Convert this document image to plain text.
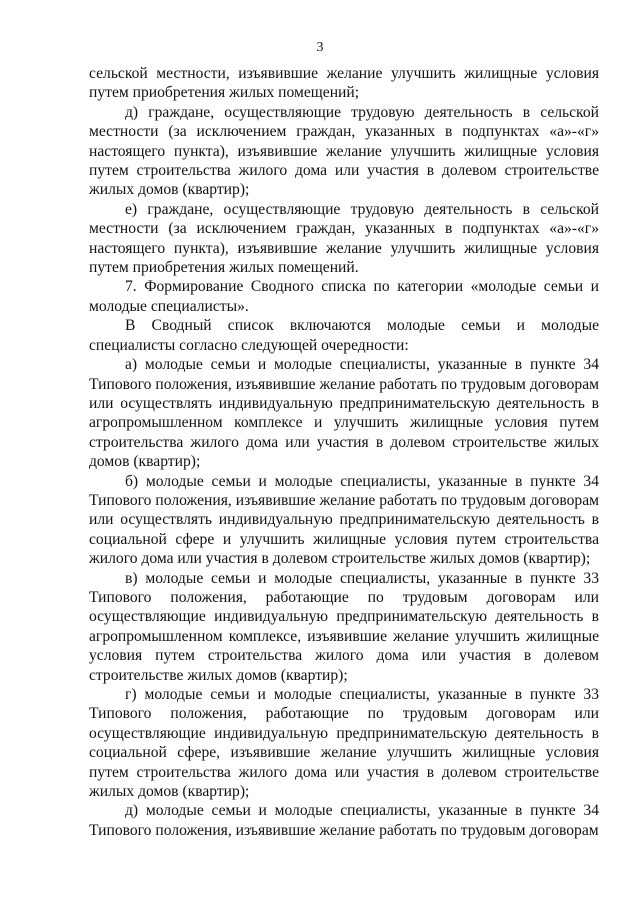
3

сельской местности, изъявившие желание улучшить жилищные условия путем приобретения жилых помещений;

д) граждане, осуществляющие трудовую деятельность в сельской местности (за исключением граждан, указанных в подпунктах «а»-«г» настоящего пункта), изъявившие желание улучшить жилищные условия путем строительства жилого дома или участия в долевом строительстве жилых домов (квартир);

е) граждане, осуществляющие трудовую деятельность в сельской местности (за исключением граждан, указанных в подпунктах «а»-«г» настоящего пункта), изъявившие желание улучшить жилищные условия путем приобретения жилых помещений.

7. Формирование Сводного списка по категории «молодые семьи и молодые специалисты».

В Сводный список включаются молодые семьи и молодые специалисты согласно следующей очередности:

а) молодые семьи и молодые специалисты, указанные в пункте 34 Типового положения, изъявившие желание работать по трудовым договорам или осуществлять индивидуальную предпринимательскую деятельность в агропромышленном комплексе и улучшить жилищные условия путем строительства жилого дома или участия в долевом строительстве жилых домов (квартир);

б) молодые семьи и молодые специалисты, указанные в пункте 34 Типового положения, изъявившие желание работать по трудовым договорам или осуществлять индивидуальную предпринимательскую деятельность в социальной сфере и улучшить жилищные условия путем строительства жилого дома или участия в долевом строительстве жилых домов (квартир);

в) молодые семьи и молодые специалисты, указанные в пункте 33 Типового положения, работающие по трудовым договорам или осуществляющие индивидуальную предпринимательскую деятельность в агропромышленном комплексе, изъявившие желание улучшить жилищные условия путем строительства жилого дома или участия в долевом строительстве жилых домов (квартир);

г) молодые семьи и молодые специалисты, указанные в пункте 33 Типового положения, работающие по трудовым договорам или осуществляющие индивидуальную предпринимательскую деятельность в социальной сфере, изъявившие желание улучшить жилищные условия путем строительства жилого дома или участия в долевом строительстве жилых домов (квартир);

д) молодые семьи и молодые специалисты, указанные в пункте 34 Типового положения, изъявившие желание работать по трудовым договорам
